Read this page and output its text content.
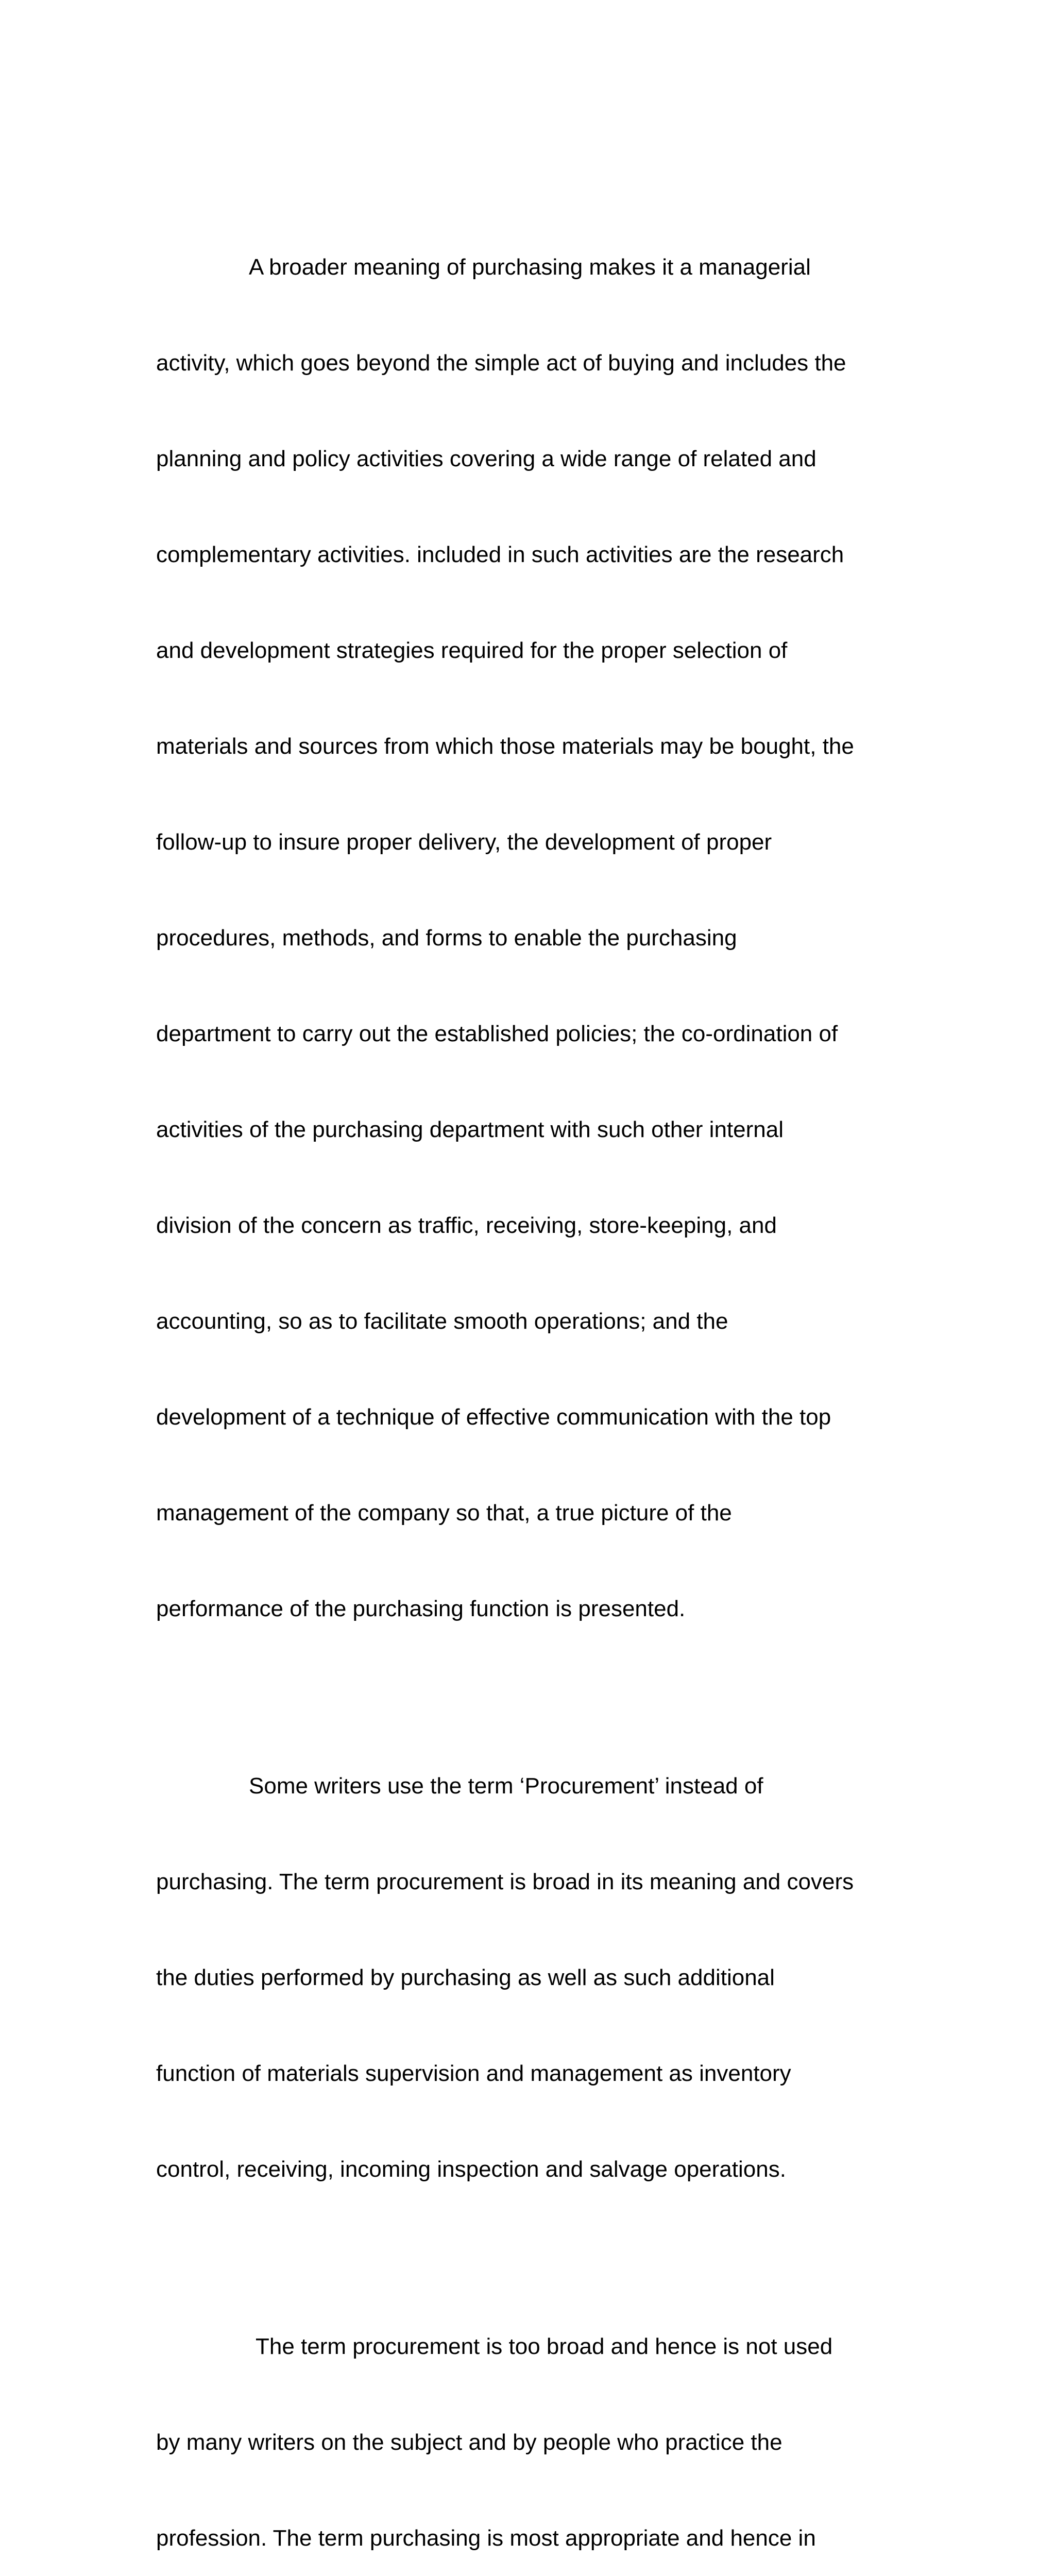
A broader meaning of purchasing makes it a managerial

activity, which goes beyond the simple act of buying and includes the

planning and policy activities covering a wide range of related and

complementary activities. included in such activities are the research

and development strategies required for the proper selection of

materials and sources from which those materials may be bought, the

follow-up to insure proper delivery, the development of proper

procedures, methods, and forms to enable the purchasing

department to carry out the established policies; the co-ordination of

activities of the purchasing department with such other internal

division of the concern as traffic, receiving, store-keeping, and

accounting, so as to facilitate smooth operations; and the

development of a technique of effective communication with the top

management of the company so that, a true picture of the

performance of the purchasing function is presented.

Some writers use the term ‘Procurement’ instead of

purchasing. The term procurement is broad in its meaning and covers

the duties performed by purchasing as well as such additional

function of materials supervision and management as inventory

control, receiving, incoming inspection and salvage operations.

The term procurement is too broad and hence is not used

by many writers on the subject and by people who practice the

profession. The term purchasing is most appropriate and hence in
